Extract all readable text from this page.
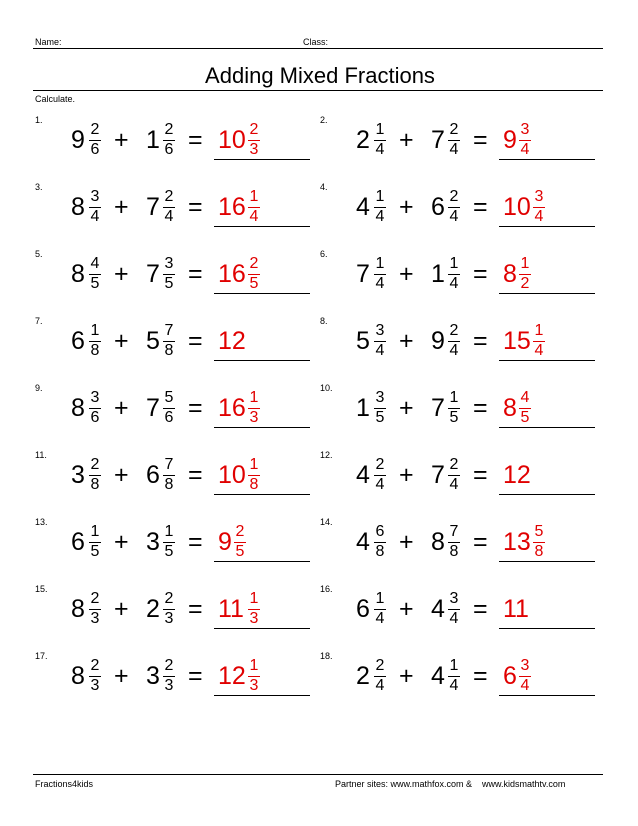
Name:	Class:
Adding Mixed Fractions
Calculate.
1.
9 2
6 + 1 2
6 = 10 2
3
2.
2 1
4 + 7 2
4 = 9 3
4
3.
8 3
4 + 7 2
4 = 16 1
4
4.
4 1
4 + 6 2
4 = 10 3
4
5.
8 4
5 + 7 3
5 = 16 2
5
6.
7 1
4 + 1 1
4 = 8 1
2
7.
6 1
8 + 5 7
8 = 12
8.
5 3
4 + 9 2
4 = 15 1
4
9.
8 3
6 + 7 5
6 = 16 1
3
10.
1 3
5 + 7 1
5 = 8 4
5
11.
3 2
8 + 6 7
8 = 10 1
8
12.
4 2
4 + 7 2
4 = 12
13.
6 1
5 + 3 1
5 = 9 2
5
14.
4 6
8 + 8 7
8 = 13 5
8
15.
8 2
3 + 2 2
3 = 11 1
3
16.
6 1
4 + 4 3
4 = 11
17.
8 2
3 + 3 2
3 = 12 1
3
18.
2 2
4 + 4 1
4 = 6 3
4
Fractions4kids	Partner sites: www.mathfox.com &    www.kidsmathtv.com
